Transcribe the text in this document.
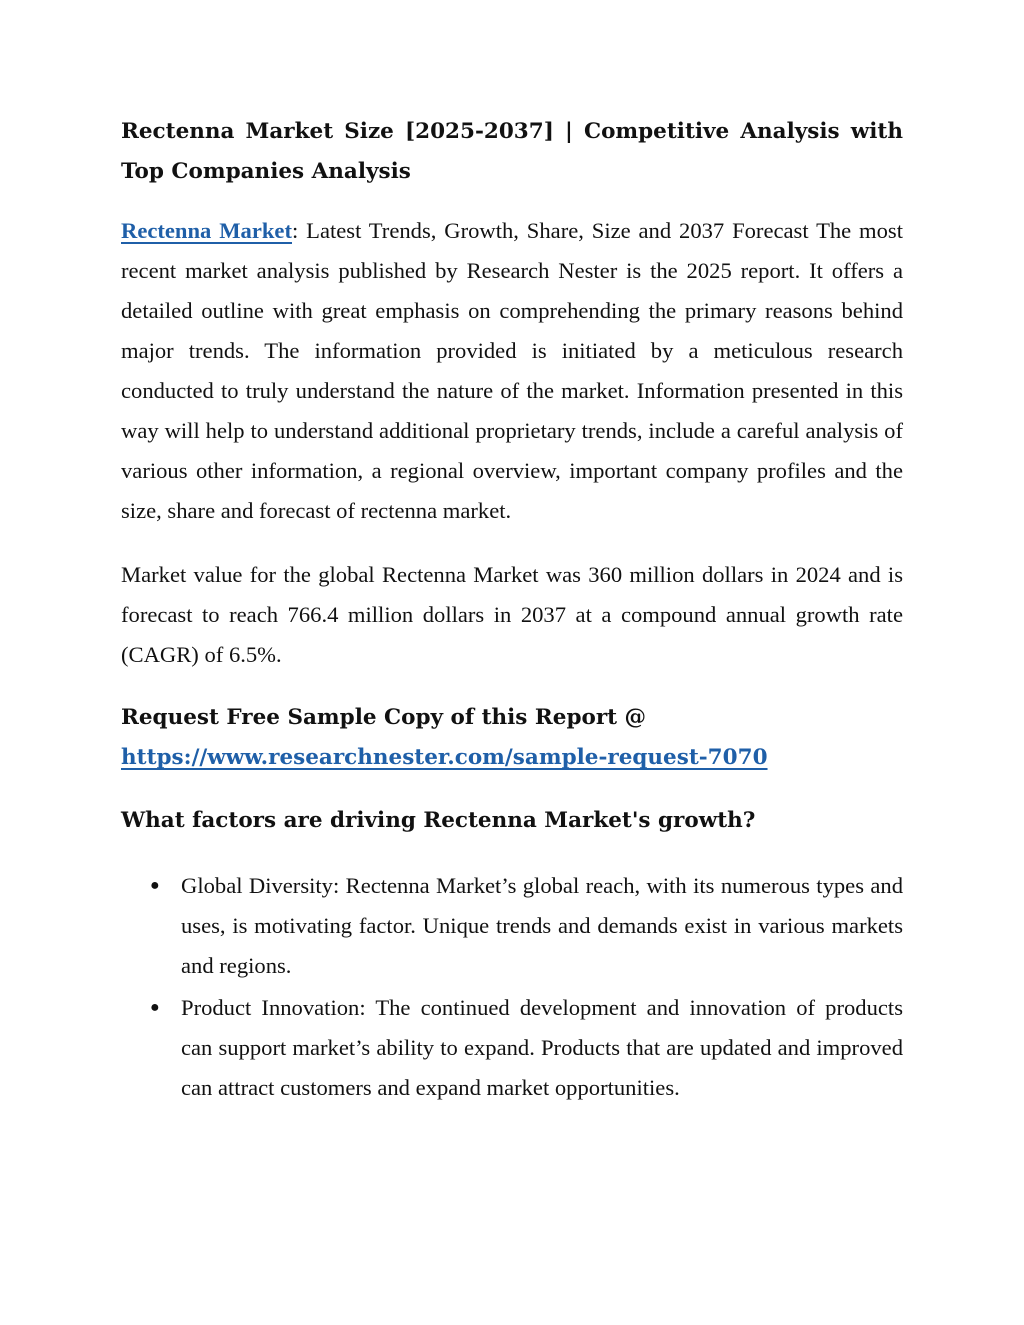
Rectenna Market Size [2025-2037] | Competitive Analysis with Top Companies Analysis

Rectenna Market: Latest Trends, Growth, Share, Size and 2037 Forecast The most recent market analysis published by Research Nester is the 2025 report. It offers a detailed outline with great emphasis on comprehending the primary reasons behind major trends. The information provided is initiated by a meticulous research conducted to truly understand the nature of the market. Information presented in this way will help to understand additional proprietary trends, include a careful analysis of various other information, a regional overview, important company profiles and the size, share and forecast of rectenna market.

Market value for the global Rectenna Market was 360 million dollars in 2024 and is forecast to reach 766.4 million dollars in 2037 at a compound annual growth rate (CAGR) of 6.5%.

Request Free Sample Copy of this Report @
https://www.researchnester.com/sample-request-7070
What factors are driving Rectenna Market's growth?
● Global Diversity: Rectenna Market’s global reach, with its numerous types and uses, is motivating factor. Unique trends and demands exist in various markets and regions.
● Product Innovation: The continued development and innovation of products can support market’s ability to expand. Products that are updated and improved can attract customers and expand market opportunities.
